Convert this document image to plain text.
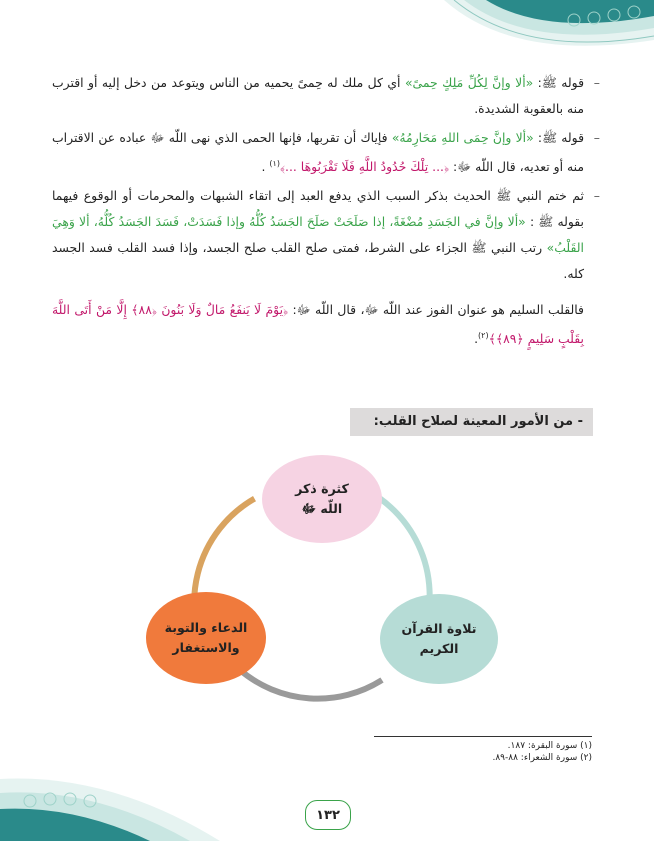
–
قوله ﷺ: «ألا وإنَّ لِكُلِّ مَلِكٍ حِمىً» أي كل ملك له حِمىً يحميه من الناس ويتوعد من دخل إليه أو اقترب منه بالعقوبة الشديدة.

–
قوله ﷺ: «ألا وإنَّ حِمَى اللهِ مَحَارِمُهُ» فإياك أن تقربها، فإنها الحمى الذي نهى اللّه ﷻ عباده عن الاقتراب منه أو تعديه، قال اللّه ﷻ: ﴿... تِلْكَ حُدُودُ اللَّهِ فَلَا تَقْرَبُوهَا ...﴾$^{(١)}$ .

–
ثم ختم النبي ﷺ الحديث بذكر السبب الذي يدفع العبد إلى اتقاء الشبهات والمحرمات أو الوقوع فيهما بقوله ﷺ : «ألا وإنَّ في الجَسَدِ مُضْغَةً، إذا صَلَحَتْ صَلَحَ الجَسَدُ كُلُّهُ وإذا فَسَدَتْ، فَسَدَ الجَسَدُ كُلُّهُ، ألا وَهِيَ القَلْبُ» رتب النبي ﷺ الجزاء على الشرط، فمتى صلح القلب صلح الجسد، وإذا فسد القلب فسد الجسد كله.

فالقلب السليم هو عنوان الفوز عند اللّه ﷻ، قال اللّه ﷻ: ﴿يَوْمَ لَا يَنفَعُ مَالٌ وَلَا بَنُونَ ﴿٨٨﴾ إِلَّا مَنْ أَتَى اللَّهَ بِقَلْبٍ سَلِيمٍ ﴿٨٩﴾﴾$^{(٢)}$.

- من الأمور المعينة لصلاح القلب:
كثرة ذكر
اللّه ﷻ
تلاوة القرآن
الكريم
الدعاء والتوبة
والاستغفار
(١) سورة البقرة: ١٨٧.
(٢) سورة الشعراء: ٨٨-٨٩.
١٣٢
